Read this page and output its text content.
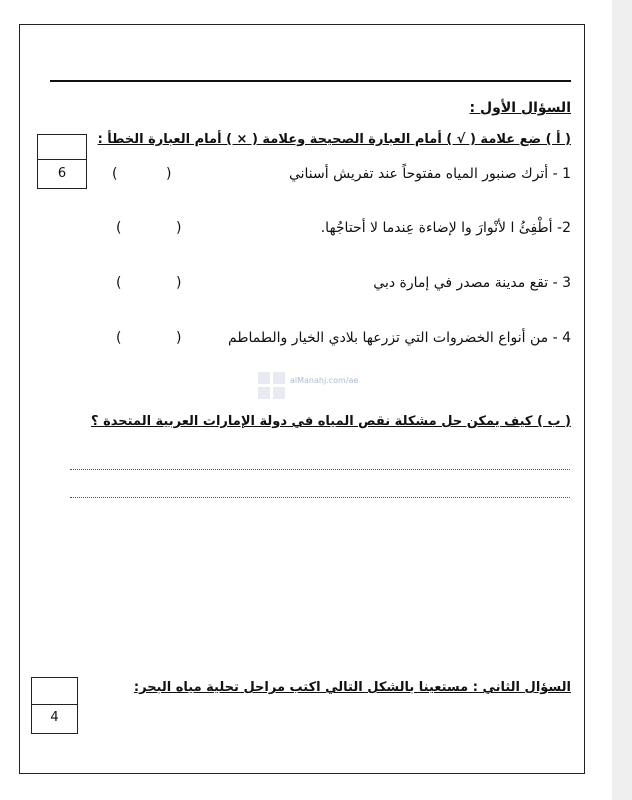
السؤال الأول :
( أ ) ضع علامة ( √ ) أمام العبارة الصحيحة وعلامة ( × ) أمام العبارة الخطأ :
6	1 - أترك صنبور المياه مفتوحاً عند تفريش أسناني
)
(
2- أطْفِئُ ا لأنْوارَ وا لإضاءة عِندما لا أحتاجُها.
)
(
3 - تقع مدينة مصدر في إمارة دبي
)
(
4 - من أنواع الخضروات التي تزرعها بلادي الخيار والطماطم
)
(
alManahj.com/ae
( ب ) كيف يمكن حل مشكلة نقص المياه في دولة الإمارات العربية المتحدة ؟
4
السؤال الثاني : مستعينا بالشكل التالي اكتب مراحل تحلية مياه البحر:
